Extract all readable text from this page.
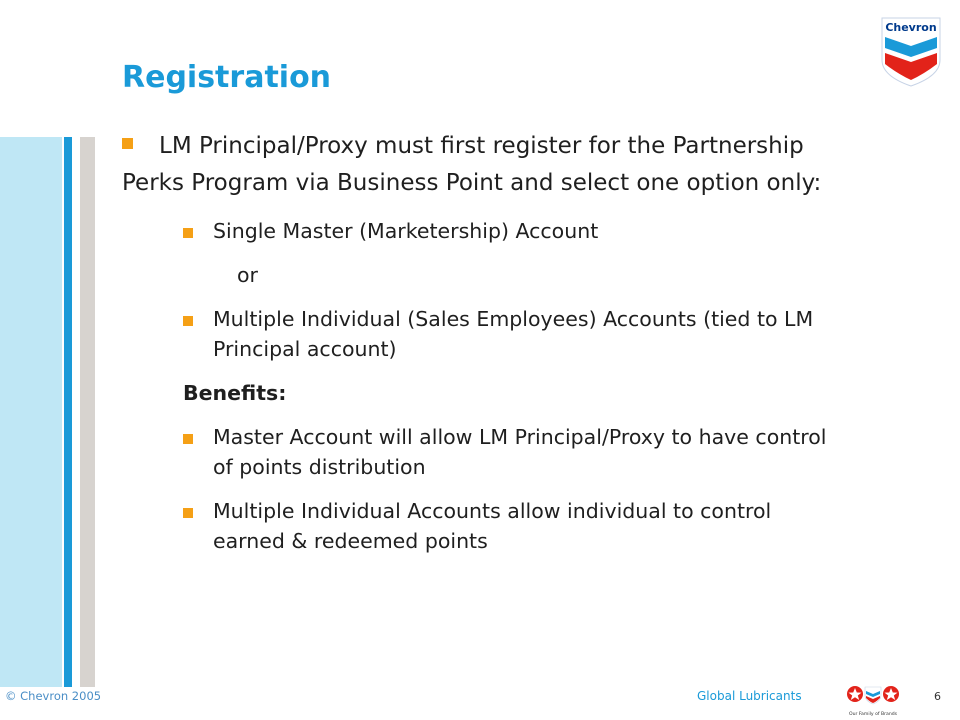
Chevron
Registration

LM Principal/Proxy must first register for the Partnership Perks Program via Business Point and select one option only:

Single Master (Marketership) Account
or
Multiple Individual (Sales Employees) Accounts (tied to LM Principal account)
Benefits:
Master Account will allow LM Principal/Proxy to have control of points distribution
Multiple Individual Accounts allow individual to control earned & redeemed points
© Chevron 2005	Global Lubricants
Our Family of Brands
6
